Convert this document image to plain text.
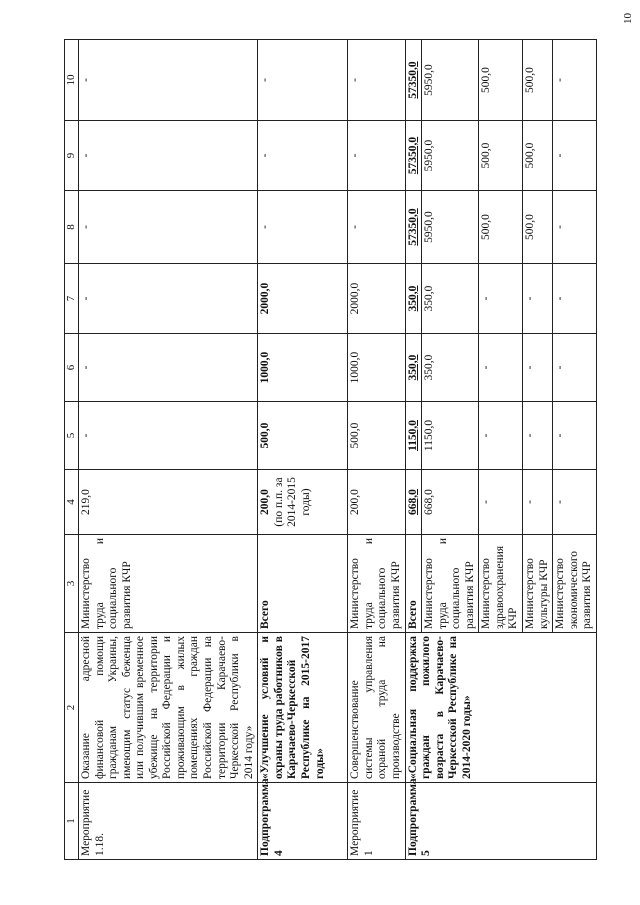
10
1	2	3	4	5	6	7	8	9	10
Мероприятие 1.18.	Оказание адресной финансовой помощи гражданам Украины, имеющим статус беженца или получившим временное убежище на территории Российской Федерации и проживающим в жилых помещениях граждан Российской Федерации на территории Карачаево-Черкесской Республики в 2014 году»	Министерство труда и социального развития КЧР	219,0	-	-	-	-	-	-
Подпрограмма 4	«Улучшение условий и охраны труда работников в Карачаево-Черкесской Республике на 2015-2017 годы»	Всего	200,0 (по п.п. за 2014-2015 годы)	500,0	1000,0	2000,0	-	-	-
Мероприятие 1	Совершенствование системы управления охраной труда на производстве	Министерство труда и социального развития КЧР	200,0	500,0	1000,0	2000,0	-	-	-
Подпрограмма 5	«Социальная поддержка граждан пожилого возраста в Карачаево-Черкесской Республике на 2014-2020 годы»	Всего	668,0	1150,0	350,0	350,0	57350,0	57350,0	57350,0
		Министерство труда и социального развития КЧР	668,0	1150,0	350,0	350,0	5950,0	5950,0	5950,0
		Министерство здравоохранения КЧР	-	-	-	-	500,0	500,0	500,0
		Министерство культуры КЧР	-	-	-	-	500,0	500,0	500,0
		Министерство экономического развития КЧР	-	-	-	-	-	-	-
